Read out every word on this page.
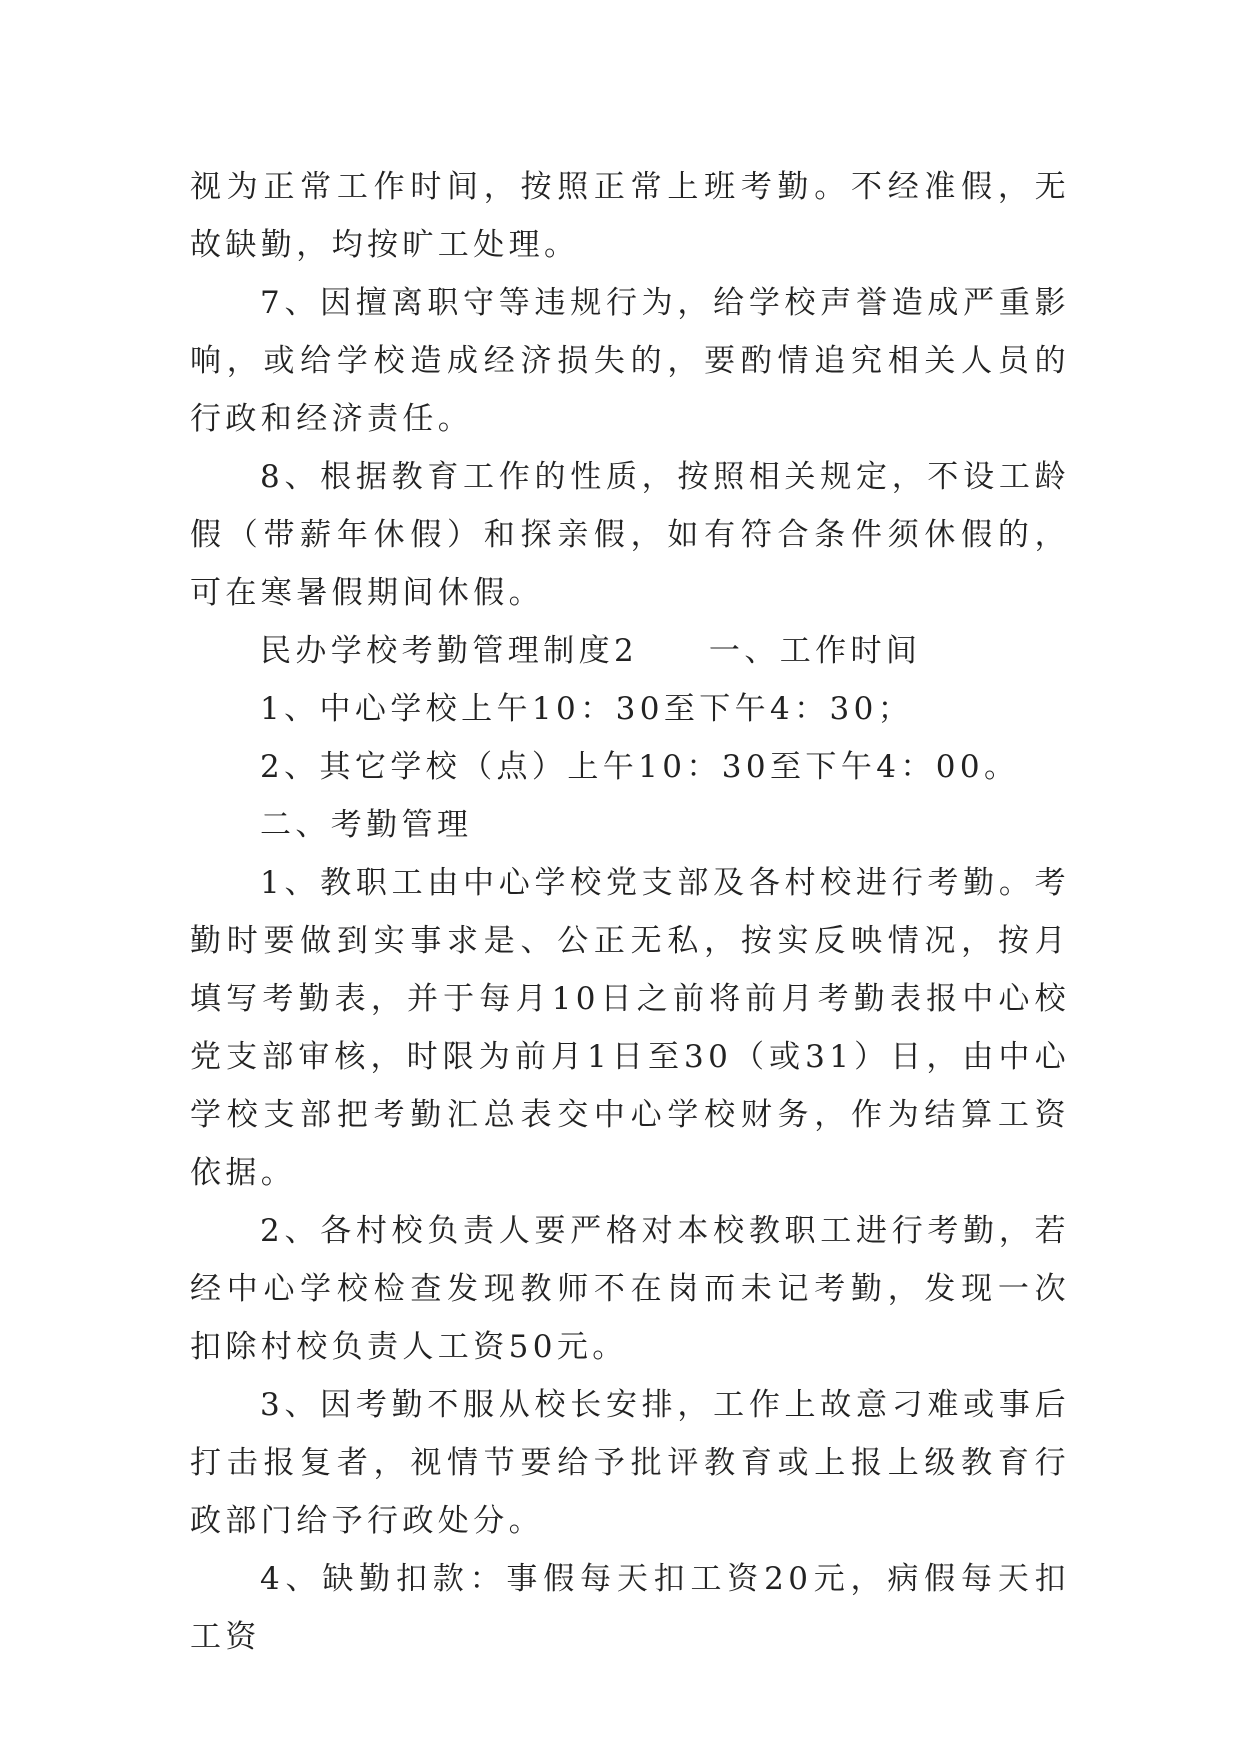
视为正常工作时间，按照正常上班考勤。不经准假，无故缺勤，均按旷工处理。

7、因擅离职守等违规行为，给学校声誉造成严重影响，或给学校造成经济损失的，要酌情追究相关人员的行政和经济责任。

8、根据教育工作的性质，按照相关规定，不设工龄假（带薪年休假）和探亲假，如有符合条件须休假的，可在寒暑假期间休假。

民办学校考勤管理制度2　　一、工作时间

1、中心学校上午10：30至下午4：30；

2、其它学校（点）上午10：30至下午4：00。

二、考勤管理

1、教职工由中心学校党支部及各村校进行考勤。考勤时要做到实事求是、公正无私，按实反映情况，按月填写考勤表，并于每月10日之前将前月考勤表报中心校党支部审核，时限为前月1日至30（或31）日，由中心学校支部把考勤汇总表交中心学校财务，作为结算工资依据。

2、各村校负责人要严格对本校教职工进行考勤，若经中心学校检查发现教师不在岗而未记考勤，发现一次扣除村校负责人工资50元。

3、因考勤不服从校长安排，工作上故意刁难或事后打击报复者，视情节要给予批评教育或上报上级教育行政部门给予行政处分。

4、缺勤扣款：事假每天扣工资20元，病假每天扣工资
